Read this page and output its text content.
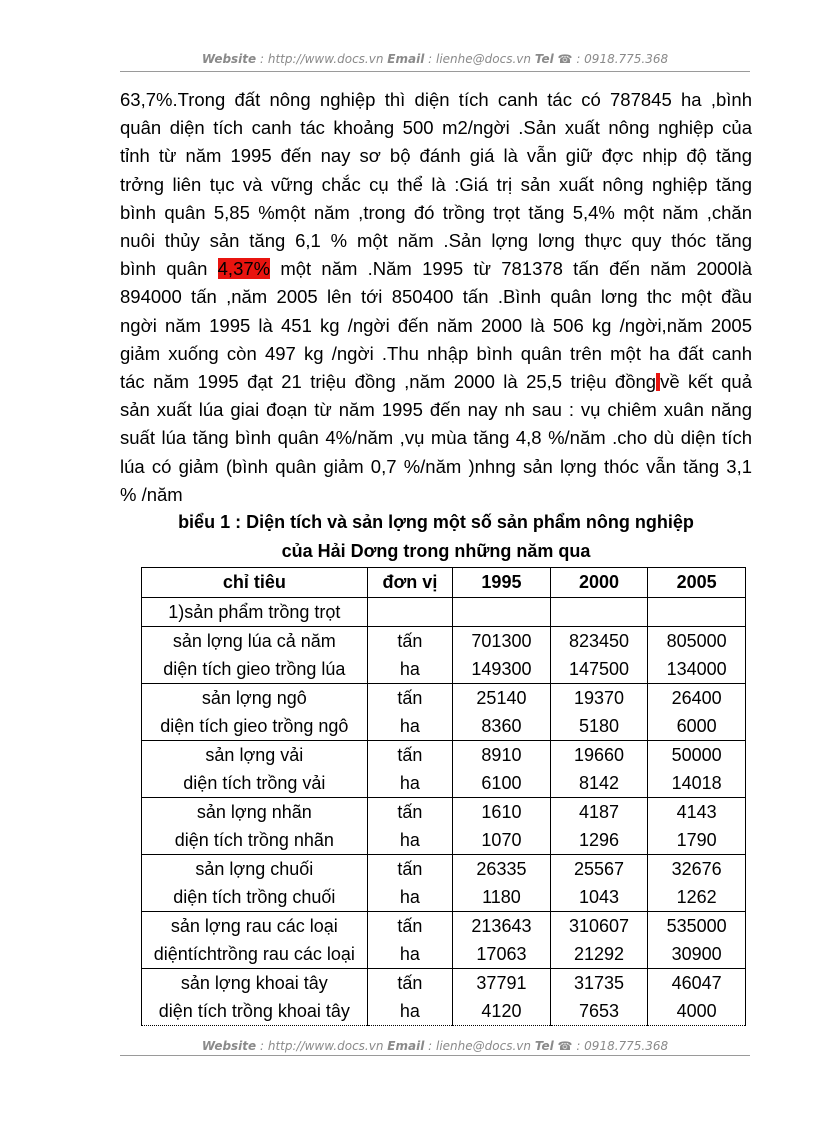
Website : http://www.docs.vn Email : lienhe@docs.vn Tel ☎ : 0918.775.368
63,7%.Trong đất nông nghiệp thì diện tích canh tác có 787845 ha ,bình
quân diện tích canh tác khoảng 500 m2/ngời .Sản xuất nông nghiệp của
tỉnh từ năm 1995 đến nay sơ bộ đánh giá là vẫn giữ đợc nhịp độ tăng
trởng liên tục và vững chắc cụ thể là :Giá trị sản xuất nông nghiệp tăng
bình quân 5,85 %một năm ,trong đó trồng trọt tăng 5,4% một năm ,chăn
nuôi thủy sản tăng 6,1 % một năm .Sản lợng lơng thực quy thóc tăng
bình quân 4,37% một năm .Năm 1995 từ 781378 tấn đến năm 2000là
894000 tấn ,năm 2005 lên tới 850400 tấn .Bình quân lơng thc một đầu
ngời năm 1995 là 451 kg /ngời đến năm 2000 là 506 kg /ngời,năm 2005
giảm xuống còn 497 kg /ngời .Thu nhập bình quân trên một ha đất canh
tác năm 1995 đạt 21 triệu đồng ,năm 2000 là 25,5 triệu đồng về kết quả
sản xuất lúa giai đoạn từ năm 1995 đến nay nh sau : vụ chiêm xuân năng
suất lúa tăng bình quân 4%/năm ,vụ mùa tăng 4,8 %/năm .cho dù diện tích
lúa có giảm (bình quân giảm 0,7 %/năm )nhng sản lợng thóc vẫn tăng 3,1
% /năm
biểu 1 : Diện tích và sản lợng một số sản phẩm nông nghiệp
của Hải Dơng trong những năm qua
chỉ tiêu	đơn vị	1995	2000	2005
1)sản phẩm trồng trọt				
sản lợng lúa cả năm	tấn	701300	823450	805000
diện tích gieo trồng lúa	ha	149300	147500	134000
sản lợng ngô	tấn	25140	19370	26400
diện tích gieo trồng ngô	ha	8360	5180	6000
sản lợng vải	tấn	8910	19660	50000
diện tích trồng vải	ha	6100	8142	14018
sản lợng nhãn	tấn	1610	4187	4143
diện tích trồng nhãn	ha	1070	1296	1790
sản lợng chuối	tấn	26335	25567	32676
diện tích trồng chuối	ha	1180	1043	1262
sản lợng rau các loại	tấn	213643	310607	535000
diệntíchtrồng rau các loại	ha	17063	21292	30900
sản lợng khoai tây	tấn	37791	31735	46047
diện tích trồng khoai tây	ha	4120	7653	4000
Website : http://www.docs.vn Email : lienhe@docs.vn Tel ☎ : 0918.775.368
